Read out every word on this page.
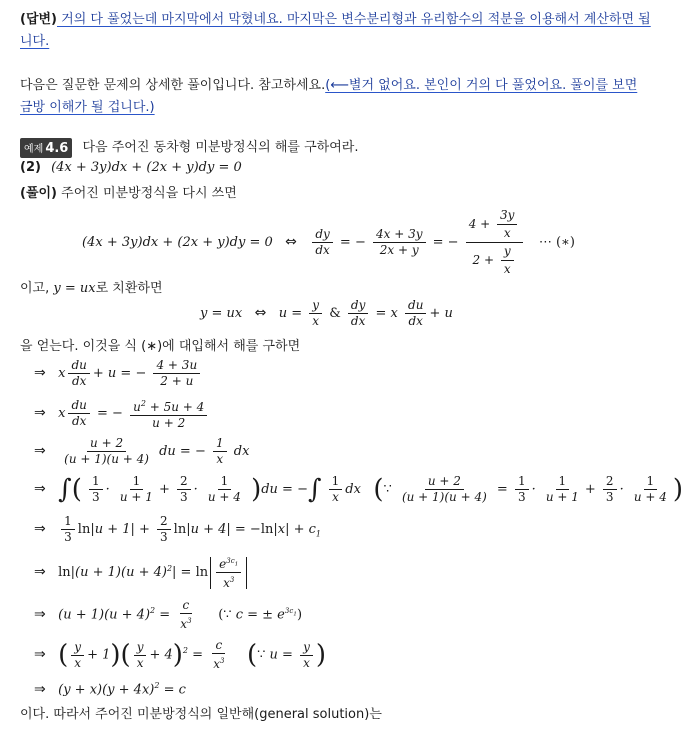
(답변) 거의 다 풀었는데 마지막에서 막혔네요. 마지막은 변수분리형과 유리함수의 적분을 이용해서 계산하면 됩
니다.
다음은 질문한 문제의 상세한 풀이입니다. 참고하세요.(⟵별거 없어요. 본인이 거의 다 풀었어요. 풀이를 보면
금방 이해가 될 겁니다.)
예제 4.6 다음 주어진 동차형 미분방정식의 해를 구하여라.
(2) (4x + 3y)dx + (2x + y)dy = 0
(풀이) 주어진 미분방정식을 다시 쓰면
(4x + 3y)dx + (2x + y)dy = 0   ⇔ $\frac{dy}{dx}$ = − $\frac{4x + 3y}{2x + y}$ = − $\frac{4 + \frac{3y}{x}}{2 + \frac{y}{x}}$ ⋯ (∗)
이고, y = ux로 치환하면
y = ux   ⇔   $u = \frac{y}{x}$ & $\frac{dy}{dx} = x \frac{du}{dx} + u$
을 얻는다. 이것을 식 (∗)에 대입해서 해를 구하면
⇒   x $\frac{du}{dx} + u$ = − $\frac{4 + 3u}{2 + u}$
⇒   x $\frac{du}{dx}$ = − $\frac{u^2 + 5u + 4}{u + 2}$
⇒ $\frac{u + 2}{(u + 1)(u + 4)}$ du = − $\frac{1}{x}$ dx
⇒ ∫( $\frac{1}{3} \cdot \frac{1}{u + 1} + \frac{2}{3} \cdot \frac{1}{u + 4} )du$ = −∫ $\frac{1}{x}$ dx   (∵ $\frac{u + 2}{(u + 1)(u + 4)} = \frac{1}{3} \cdot \frac{1}{u + 1} + \frac{2}{3} \cdot \frac{1}{u + 4}$ )
⇒ $\frac{1}{3} \ln|u + 1| + \frac{2}{3} \ln|u + 4| = -\ln|x| + c_1$
⇒ $\ln|(u + 1)(u + 4)^2| = \ln \frac{e^{3c_1}}{x^3}$
⇒   $(u + 1)(u + 4)^2 = \frac{c}{x^3}$ (∵ c = ± $e^{3c_1}$)
⇒ ( $\frac{y}{x} + 1)( \frac{y}{x} + 4)^2 = \frac{c}{x^3}$ (∵ $u = \frac{y}{x}$ )
⇒   $(y + x)(y + 4x)^2 = c$
이다. 따라서 주어진 미분방정식의 일반해(general solution)는
